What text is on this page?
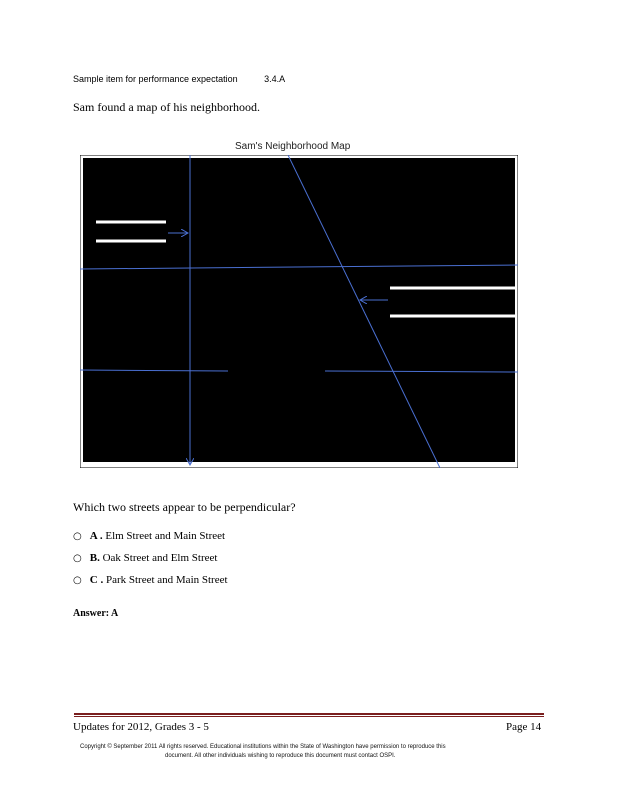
Sample item for performance expectation	3.4.A
Sam found a map of his neighborhood.
Sam's Neighborhood Map
Which two streets appear to be perpendicular?
○ A . Elm Street and Main Street
○ B. Oak Street and Elm Street
○ C . Park Street and Main Street
Answer: A
Updates for 2012, Grades 3 - 5	Page 14
Copyright © September 2011 All rights reserved. Educational institutions within the State of Washington have permission to reproduce this
document. All other individuals wishing to reproduce this document must contact OSPI.
